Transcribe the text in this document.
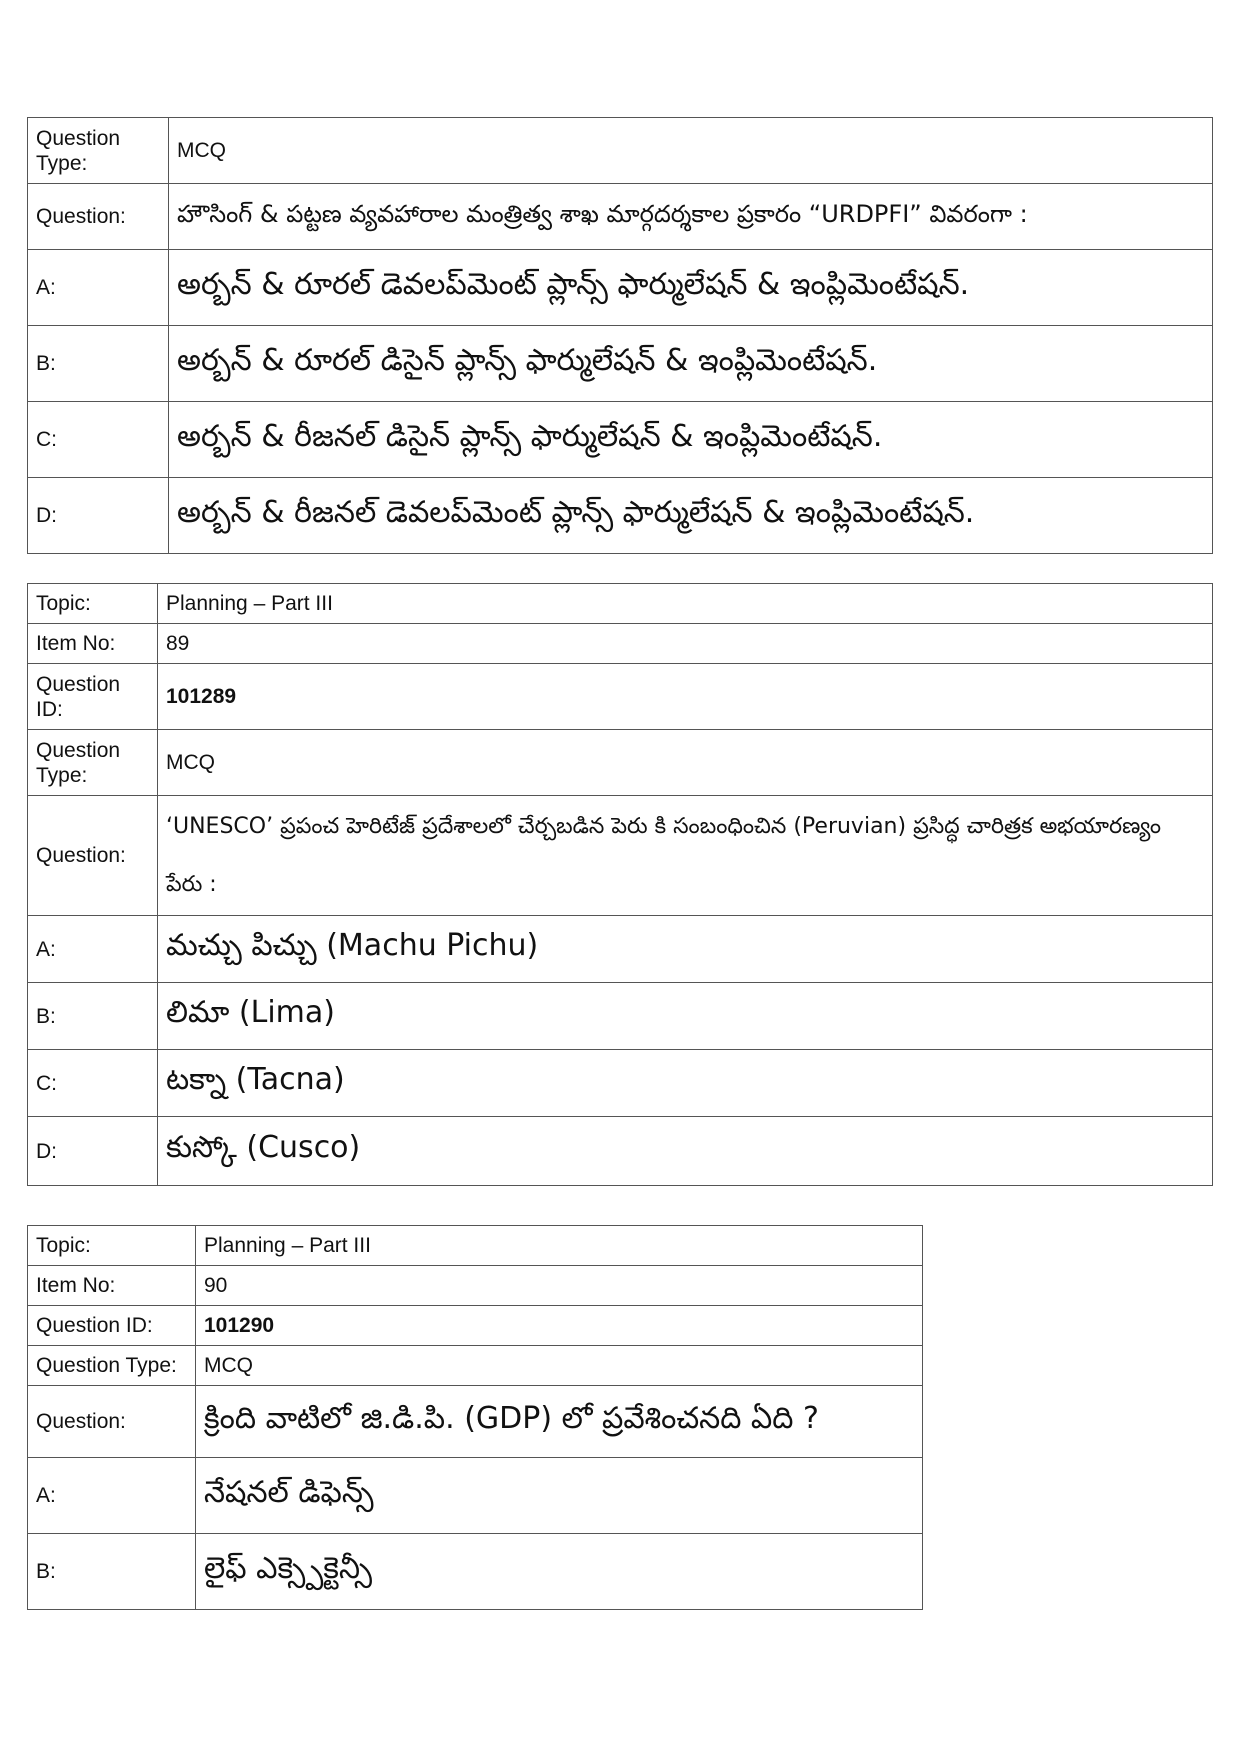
Question Type:	MCQ
Question:	హౌసింగ్ & పట్టణ వ్యవహారాల మంత్రిత్వ శాఖ మార్గదర్శకాల ప్రకారం “URDPFI” వివరంగా :
A:	అర్బన్ & రూరల్ డెవలప్‌మెంట్ ప్లాన్స్ ఫార్ములేషన్ & ఇంప్లిమెంటేషన్.
B:	అర్బన్ & రూరల్ డిసైన్ ప్లాన్స్ ఫార్ములేషన్ & ఇంప్లిమెంటేషన్.
C:	అర్బన్ & రీజనల్ డిసైన్ ప్లాన్స్ ఫార్ములేషన్ & ఇంప్లిమెంటేషన్.
D:	అర్బన్ & రీజనల్ డెవలప్‌మెంట్ ప్లాన్స్ ఫార్ములేషన్ & ఇంప్లిమెంటేషన్.
Topic:	Planning – Part III
Item No:	89
Question ID:	101289
Question Type:	MCQ
Question:	‘UNESCO’ ప్రపంచ హెరిటేజ్ ప్రదేశాలలో చేర్చబడిన పెరు కి సంబంధించిన (Peruvian) ప్రసిద్ధ చారిత్రక అభయారణ్యం పేరు :
A:	మచ్చు పిచ్చు (Machu Pichu)
B:	లిమా (Lima)
C:	టక్నా (Tacna)
D:	కుస్కో (Cusco)
Topic:	Planning – Part III
Item No:	90
Question ID:	101290
Question Type:	MCQ
Question:	క్రింది వాటిలో జి.డి.పి. (GDP) లో ప్రవేశించనది ఏది ?
A:	నేషనల్ డిఫెన్స్
B:	లైఫ్ ఎక్స్పెక్టెన్సీ
